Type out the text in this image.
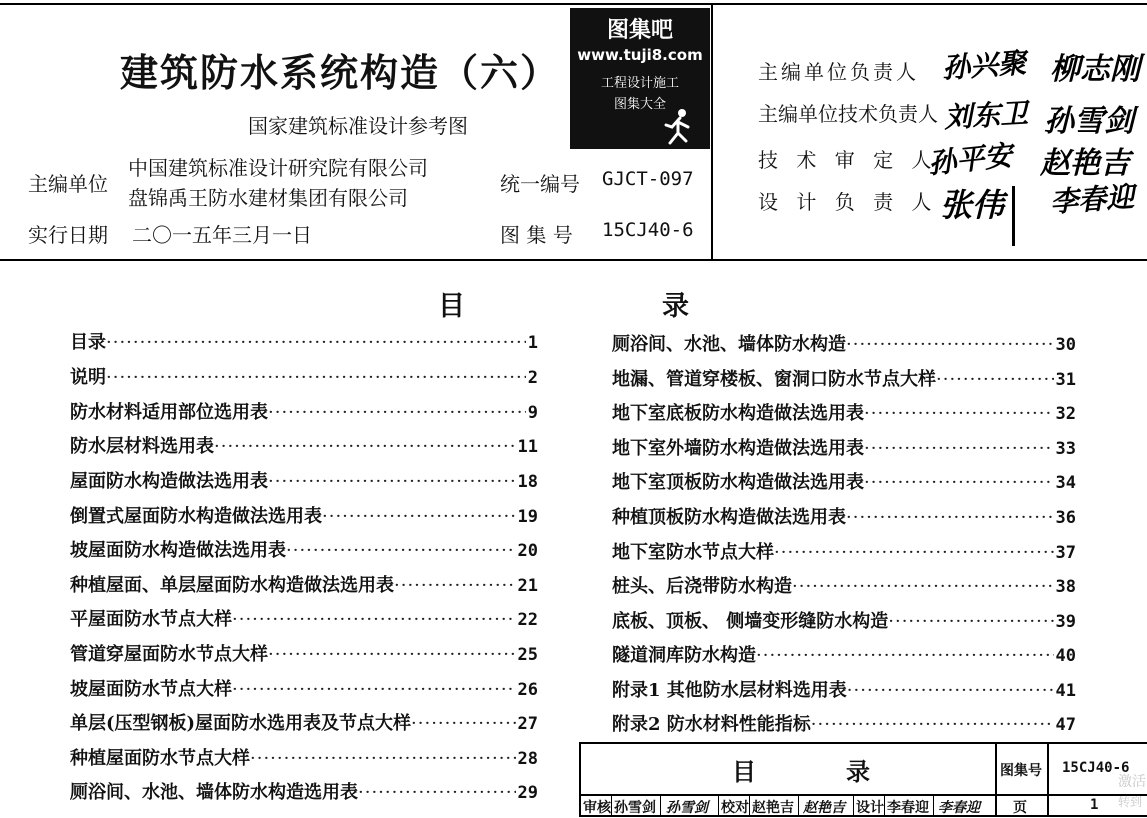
建筑防水系统构造（六）
国家建筑标准设计参考图
主编单位
中国建筑标准设计研究院有限公司
盘锦禹王防水建材集团有限公司
实行日期 二〇一五年三月一日
统一编号 GJCT-097
图 集 号 15CJ40-6
图集吧
www.tuji8.com
工程设计施工
图集大全
主编单位负责人 孙兴聚 柳志刚
主编单位技术负责人 刘东卫 孙雪剑
技 术 审 定 人
孙平安 赵艳吉
设 计 负 责 人 张伟 李春迎
目	录
目录 ·····	1
说明 ·····	2
防水材料适用部位选用表 ·····	9
防水层材料选用表 ·····	11
屋面防水构造做法选用表 ·····	18
倒置式屋面防水构造做法选用表 ·····	19
坡屋面防水构造做法选用表 ·····	20
种植屋面、单层屋面防水构造做法选用表 ·····	21
平屋面防水节点大样 ·····	22
管道穿屋面防水节点大样 ·····	25
坡屋面防水节点大样 ·····	26
单层(压型钢板)屋面防水选用表及节点大样 ·····	27
种植屋面防水节点大样 ·····	28
厕浴间、水池、墙体防水构造选用表 ·····	29
厕浴间、水池、墙体防水构造 ·····	30
地漏、管道穿楼板、窗洞口防水节点大样 ·····	31
地下室底板防水构造做法选用表 ·····	32
地下室外墙防水构造做法选用表 ·····	33
地下室顶板防水构造做法选用表 ·····	34
种植顶板防水构造做法选用表 ·····	36
地下室防水节点大样 ·····	37
桩头、后浇带防水构造 ·····	38
底板、顶板、 侧墙变形缝防水构造 ·····	39
隧道洞库防水构造 ·····	40
附录1 其他防水层材料选用表 ·····	41
附录2 防水材料性能指标 ·····	47
目	录	图集号 15CJ40-6
页	1
审核 孙雪剑 孙雪剑 校对 赵艳吉 赵艳吉 设计 李春迎 李春迎
激活
转到
